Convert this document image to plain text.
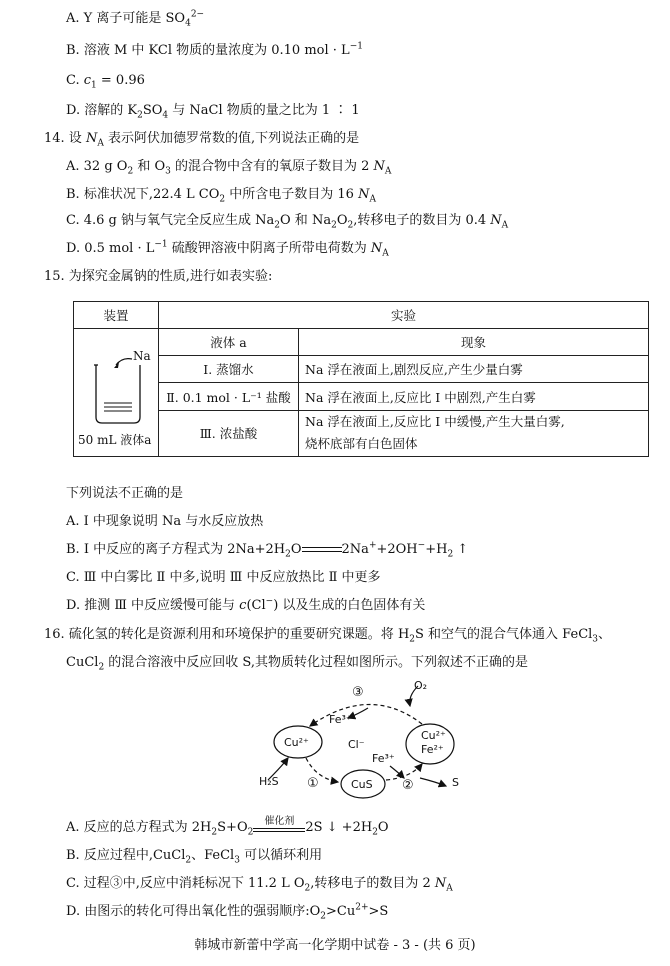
A. Y 离子可能是 $SO_4^{2-}$
B. 溶液 M 中 KCl 物质的量浓度为 0.10 mol · $L^{-1}$
C. $c_1 = 0.96$
D. 溶解的 $K_2SO_4$ 与 NaCl 物质的量之比为 1 ∶ 1
14. 设 $N_A$ 表示阿伏加德罗常数的值,下列说法正确的是
A. 32 g $O_2$ 和 $O_3$ 的混合物中含有的氧原子数目为 2 $N_A$
B. 标准状况下,22.4 L $CO_2$ 中所含电子数目为 16 $N_A$
C. 4.6 g 钠与氧气完全反应生成 $Na_2O$ 和 $Na_2O_2$,转移电子的数目为 0.4 $N_A$
D. 0.5 mol · $L^{-1}$ 硫酸钾溶液中阴离子所带电荷数为 $N_A$
15. 为探究金属钠的性质,进行如表实验:
装置	实验	

Na
50 mL 液体a	液体 a	现象
	Ⅰ. 蒸馏水	Na 浮在液面上,剧烈反应,产生少量白雾
	Ⅱ. 0.1 mol · L⁻¹ 盐酸	Na 浮在液面上,反应比 Ⅰ 中剧烈,产生白雾
	Ⅲ. 浓盐酸	Na 浮在液面上,反应比 Ⅰ 中缓慢,产生大量白雾,
烧杯底部有白色固体
下列说法不正确的是
A. Ⅰ 中现象说明 Na 与水反应放热
B. Ⅰ 中反应的离子方程式为 $2Na+2H_2O$	$2Na^++2OH^-+H_2$ ↑
C. Ⅲ 中白雾比 Ⅱ 中多,说明 Ⅲ 中反应放热比 Ⅱ 中更多
D. 推测 Ⅲ 中反应缓慢可能与 c(Cl−) 以及生成的白色固体有关
16. 硫化氢的转化是资源利用和环境保护的重要研究课题。将 $H_2S$ 和空气的混合气体通入 FeCl$_3$、
CuCl$_2$ 的混合溶液中反应回收 S,其物质转化过程如图所示。下列叙述不正确的是
Cu²⁺	Cl⁻
CuS
Cu²⁺
Fe²⁺
Fe³⁺
Fe³⁺
O₂
H₂S	S
①	②
③
A. 反应的总方程式为 $2H_2S+O_2$
催化剂 2S ↓ $+2H_2O$
B. 反应过程中,CuCl$_2$、FeCl$_3$ 可以循环利用
C. 过程③中,反应中消耗标况下 11.2 L $O_2$,转移电子的数目为 2 $N_A$
D. 由图示的转化可得出氧化性的强弱顺序$:O_2>Cu^{2+}>S$
韩城市新蕾中学高一化学期中试卷 - 3 - (共 6 页)
